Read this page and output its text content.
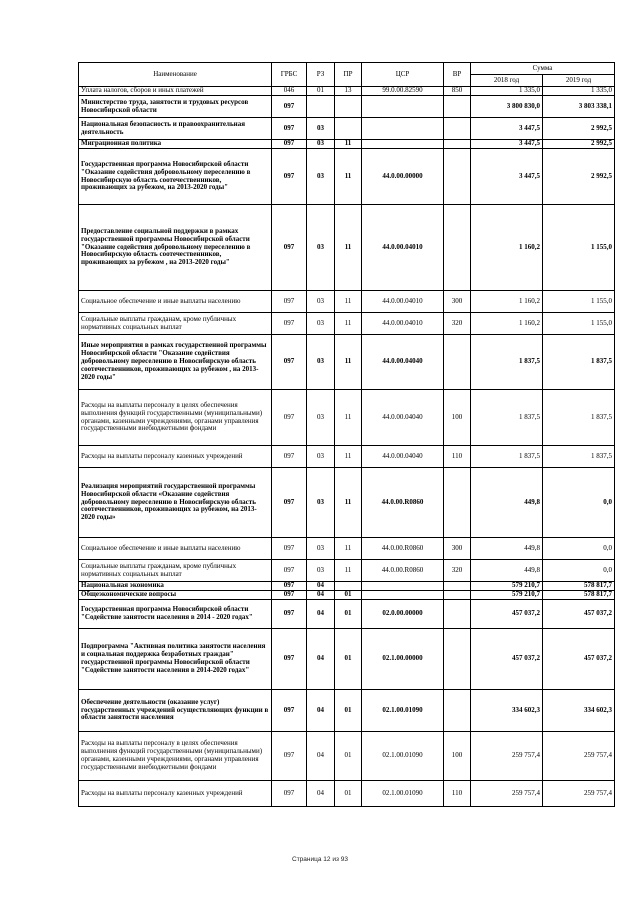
Наименование	ГРБС	РЗ	ПР	ЦСР	ВР	Сумма	
						2018 год	2019 год
Уплата налогов, сборов и иных платежей	046	01	13	99.0.00.82590	850	1 335,0	1 335,0
Министерство труда, занятости и трудовых ресурсов Новосибирской области	097					3 800 830,0	3 803 338,1
Национальная безопасность и правоохранительная деятельность	097	03				3 447,5	2 992,5
Миграционная политика	097	03	11			3 447,5	2 992,5
Государственная программа Новосибирской области "Оказание содействия добровольному переселению в Новосибирскую область соотечественников, проживающих за рубежом, на 2013-2020 годы"	097	03	11	44.0.00.00000		3 447,5	2 992,5
Предоставление социальной поддержки в рамках государственной программы Новосибирской области "Оказание содействия добровольному переселению в Новосибирскую область соотечественников, проживающих за рубежом , на 2013-2020 годы"	097	03	11	44.0.00.04010		1 160,2	1 155,0
Социальное обеспечение и иные выплаты населению	097	03	11	44.0.00.04010	300	1 160,2	1 155,0
Социальные выплаты гражданам, кроме публичных нормативных социальных выплат	097	03	11	44.0.00.04010	320	1 160,2	1 155,0
Иные мероприятия в рамках государственной программы Новосибирской области "Оказание содействия добровольному переселению в Новосибирскую область соотечественников, проживающих за рубежом , на 2013-2020 годы"	097	03	11	44.0.00.04040		1 837,5	1 837,5
Расходы на выплаты персоналу в целях обеспечения выполнения функций государственными (муниципальными) органами, казенными учреждениями, органами управления государственными внебюджетными фондами	097	03	11	44.0.00.04040	100	1 837,5	1 837,5
Расходы на выплаты персоналу казенных учреждений	097	03	11	44.0.00.04040	110	1 837,5	1 837,5
Реализация мероприятий государственной программы Новосибирской области «Оказание содействия добровольному переселению в Новосибирскую область соотечественников, проживающих за рубежом, на 2013-2020 годы»	097	03	11	44.0.00.R0860		449,8	0,0
Социальное обеспечение и иные выплаты населению	097	03	11	44.0.00.R0860	300	449,8	0,0
Социальные выплаты гражданам, кроме публичных нормативных социальных выплат	097	03	11	44.0.00.R0860	320	449,8	0,0
Национальная экономика	097	04				579 210,7	578 817,7
Общеэкономические вопросы	097	04	01			579 210,7	578 817,7
Государственная программа Новосибирской области "Содействие занятости населения в 2014 - 2020 годах"	097	04	01	02.0.00.00000		457 037,2	457 037,2
Подпрограмма "Активная политика занятости населения и социальная поддержка безработных граждан" государственной программы Новосибирской области "Содействие занятости населения в 2014-2020 годах"	097	04	01	02.1.00.00000		457 037,2	457 037,2
Обеспечение деятельности (оказание услуг) государственных учреждений осуществляющих функции в области занятости населения	097	04	01	02.1.00.01090		334 602,3	334 602,3
Расходы на выплаты персоналу в целях обеспечения выполнения функций государственными (муниципальными) органами, казенными учреждениями, органами управления государственными внебюджетными фондами	097	04	01	02.1.00.01090	100	259 757,4	259 757,4
Расходы на выплаты персоналу казенных учреждений	097	04	01	02.1.00.01090	110	259 757,4	259 757,4
Страница 12 из 93
